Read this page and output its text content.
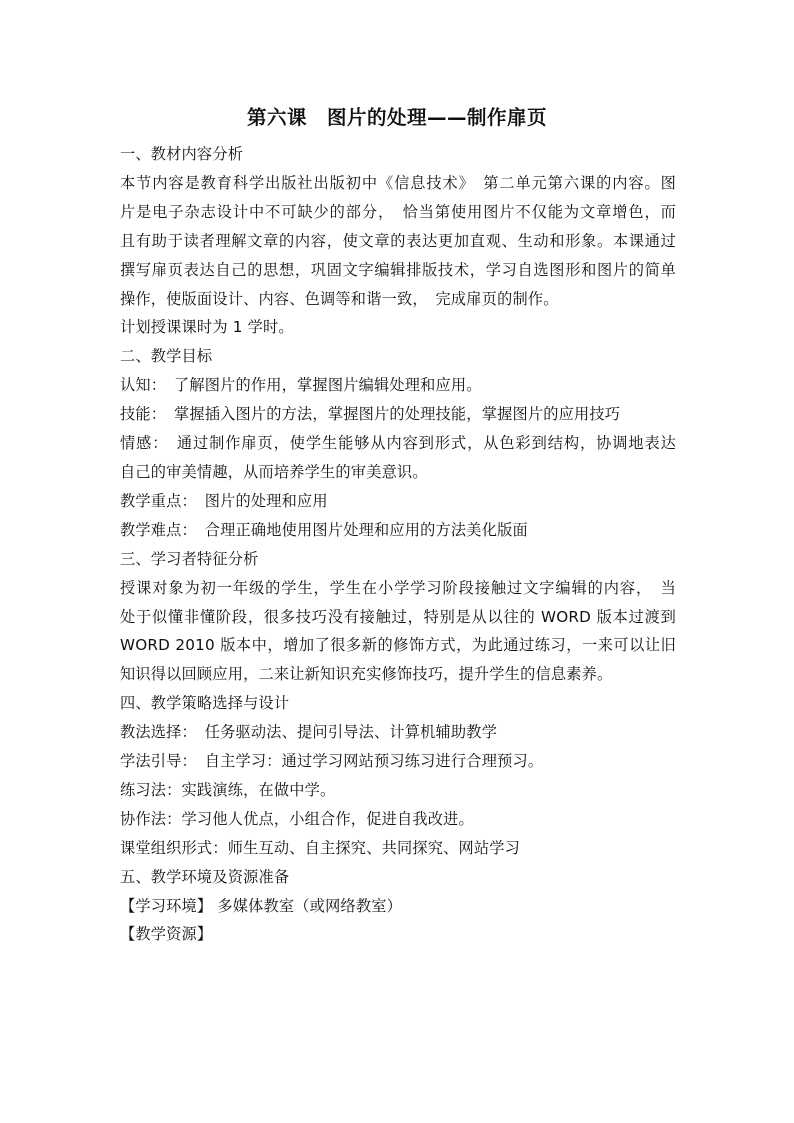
第六课　图片的处理——制作扉页
一、教材内容分析
本节内容是教育科学出版社出版初中《信息技术》　第二单元第六课的内容。图
片是电子杂志设计中不可缺少的部分，　恰当第使用图片不仅能为文章增色，而
且有助于读者理解文章的内容，使文章的表达更加直观、生动和形象。本课通过
撰写扉页表达自己的思想，巩固文字编辑排版技术，学习自选图形和图片的简单
操作，使版面设计、内容、色调等和谐一致，　完成扉页的制作。
计划授课课时为 1 学时。
二、教学目标
认知：　了解图片的作用，掌握图片编辑处理和应用。
技能：　掌握插入图片的方法，掌握图片的处理技能，掌握图片的应用技巧
情感：　通过制作扉页，使学生能够从内容到形式，从色彩到结构，协调地表达
自己的审美情趣，从而培养学生的审美意识。
教学重点：　图片的处理和应用
教学难点：　合理正确地使用图片处理和应用的方法美化版面
三、学习者特征分析
授课对象为初一年级的学生，学生在小学学习阶段接触过文字编辑的内容，　当
处于似懂非懂阶段，很多技巧没有接触过，特别是从以往的 WORD 版本过渡到
WORD 2010 版本中，增加了很多新的修饰方式，为此通过练习，一来可以让旧
知识得以回顾应用，二来让新知识充实修饰技巧，提升学生的信息素养。
四、教学策略选择与设计
教法选择：　任务驱动法、提问引导法、计算机辅助教学
学法引导：　自主学习：通过学习网站预习练习进行合理预习。
练习法：实践演练，在做中学。
协作法：学习他人优点，小组合作，促进自我改进。
课堂组织形式：师生互动、自主探究、共同探究、网站学习
五、教学环境及资源准备
【学习环境】 多媒体教室（或网络教室）
【教学资源】
